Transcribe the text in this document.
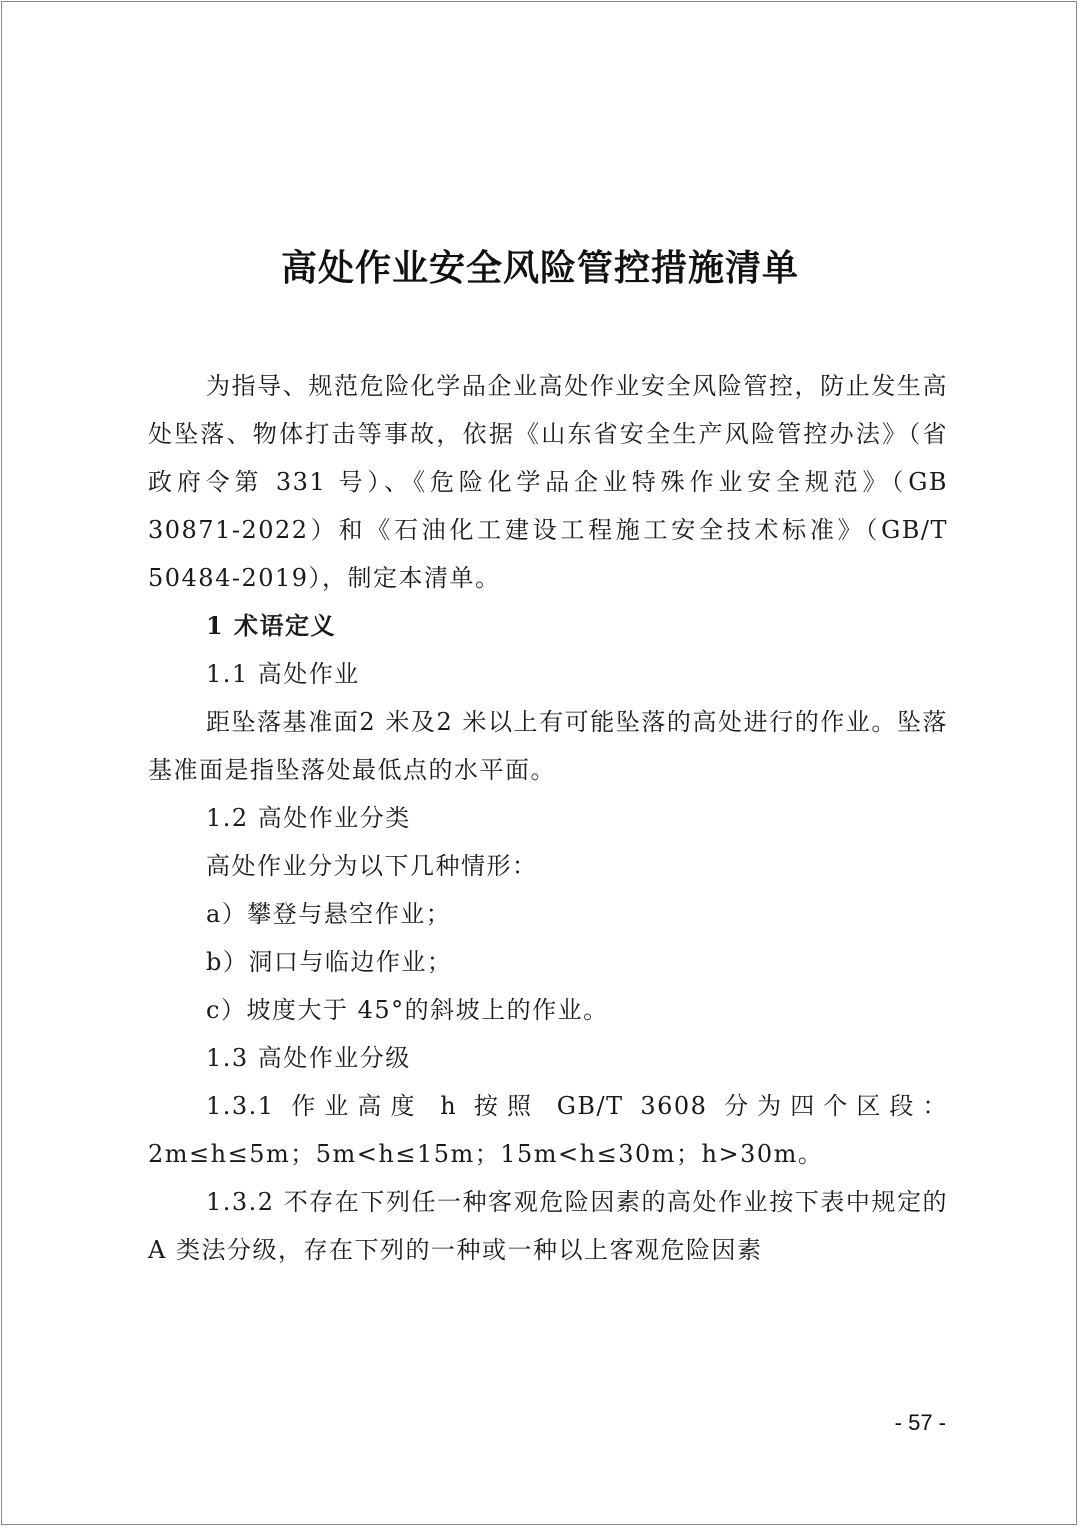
高处作业安全风险管控措施清单

为指导、规范危险化学品企业高处作业安全风险管控，防止发生高处坠落、物体打击等事故，依据《山东省安全生产风险管控办法》（省政府令第 331 号）、《危险化学品企业特殊作业安全规范》（GB 30871-2022）和《石油化工建设工程施工安全技术标准》（GB/T 50484-2019），制定本清单。

1 术语定义

1.1 高处作业

距坠落基准面2 米及2 米以上有可能坠落的高处进行的作业。坠落基准面是指坠落处最低点的水平面。

1.2 高处作业分类

高处作业分为以下几种情形：

a）攀登与悬空作业；

b）洞口与临边作业；

c）坡度大于 45°的斜坡上的作业。

1.3 高处作业分级

1.3.1 作业高度 h 按照 GB/T 3608 分为四个区段：2m≤h≤5m；5m<h≤15m；15m<h≤30m；h>30m。

1.3.2 不存在下列任一种客观危险因素的高处作业按下表中规定的 A 类法分级，存在下列的一种或一种以上客观危险因素

- 57 -
